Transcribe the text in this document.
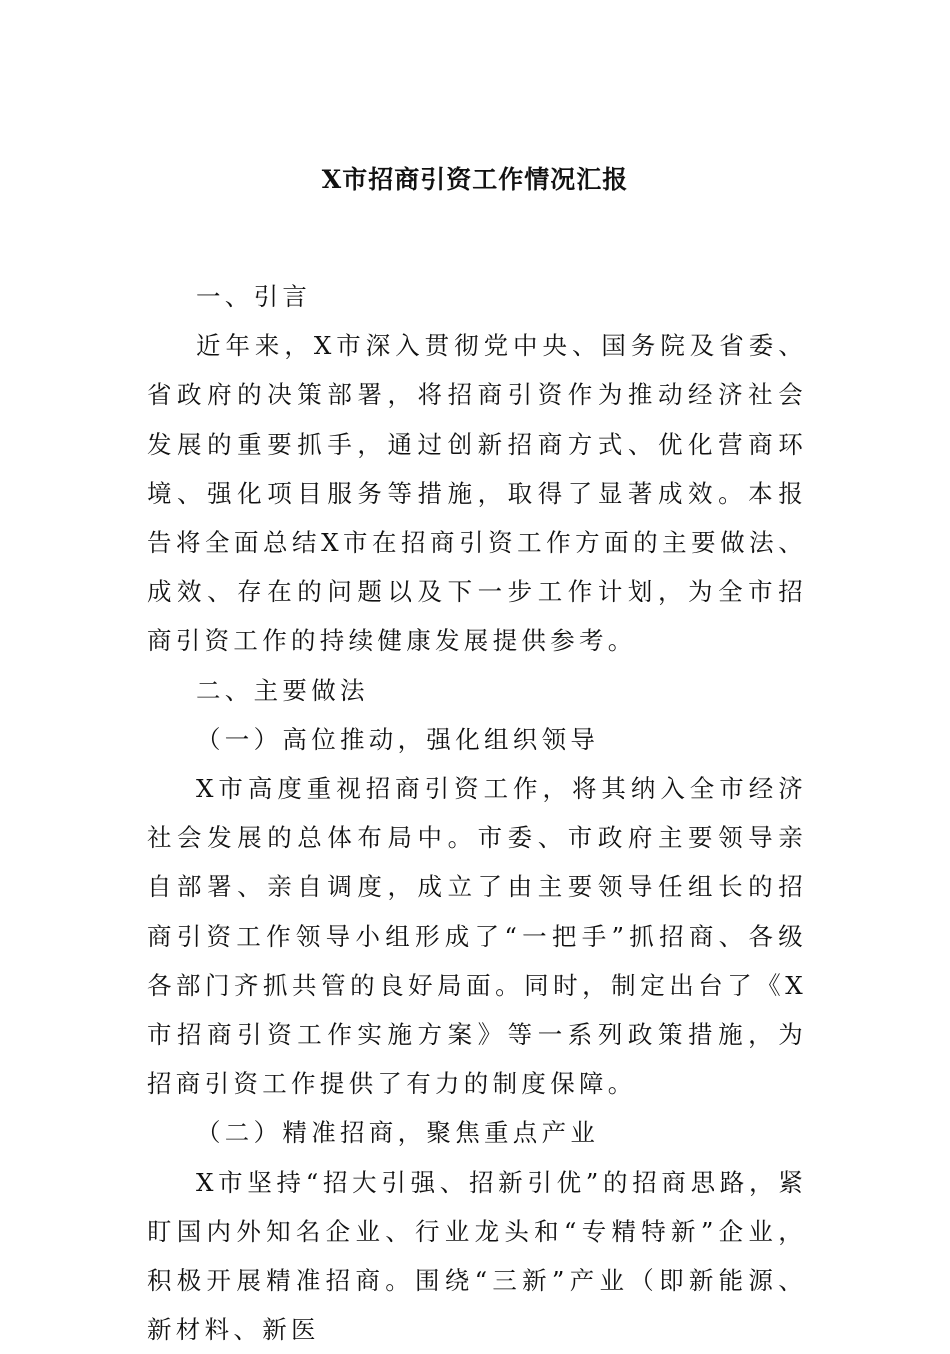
X市招商引资工作情况汇报

一、引言

近年来，X市深入贯彻党中央、国务院及省委、省政府的决策部署，将招商引资作为推动经济社会发展的重要抓手，通过创新招商方式、优化营商环境、强化项目服务等措施，取得了显著成效。本报告将全面总结X市在招商引资工作方面的主要做法、成效、存在的问题以及下一步工作计划，为全市招商引资工作的持续健康发展提供参考。

二、主要做法

（一）高位推动，强化组织领导

X市高度重视招商引资工作，将其纳入全市经济社会发展的总体布局中。市委、市政府主要领导亲自部署、亲自调度，成立了由主要领导任组长的招商引资工作领导小组形成了“一把手”抓招商、各级各部门齐抓共管的良好局面。同时，制定出台了《X市招商引资工作实施方案》等一系列政策措施，为招商引资工作提供了有力的制度保障。

（二）精准招商，聚焦重点产业

X市坚持“招大引强、招新引优”的招商思路，紧盯国内外知名企业、行业龙头和“专精特新”企业，积极开展精准招商。围绕“三新”产业（即新能源、新材料、新医
